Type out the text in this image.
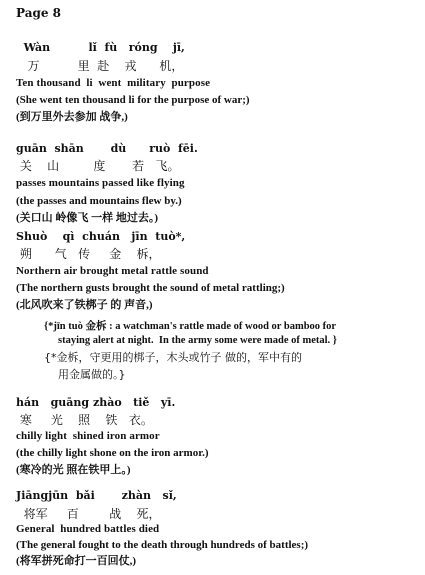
Page 8
Wàn          lǐ  fù   róng    jī,
万          里  赴    戎      机，
Ten thousand  li  went  military  purpose
(She went ten thousand li for the purpose of war;)
(到万里外去参加 战争,)
guān  shān       dù      ruò  fēi.
关    山         度       若   飞。
passes mountains passed like flying
(the passes and mountains flew by.)
(关口山 岭像飞 一样 地过去。)
Shuò    qì  chuán   jīn  tuò*,
朔      气   传     金    柝，
Northern air brought metal rattle sound
(The northern gusts brought the sound of metal rattling;)
(北风吹来了铁梆子 的 声音,)
{*jīn tuò 金柝 : a watchman's rattle made of wood or bamboo for
staying alert at night.  In the army some were made of metal. }
{*金柝，守更用的梆子，木头或竹子 做的，军中有的
用金属做的。}
hán   guāng zhào   tiě   yī.
寒     光    照    铁   衣。
chilly light  shined iron armor
(the chilly light shone on the iron armor.)
(寒冷的光 照在铁甲上。)
Jiāngjūn  bǎi       zhàn   sǐ,
将军     百        战    死，
General  hundred battles died
(The general fought to the death through hundreds of battles;)
(将军拼死命打一百回仗,)
